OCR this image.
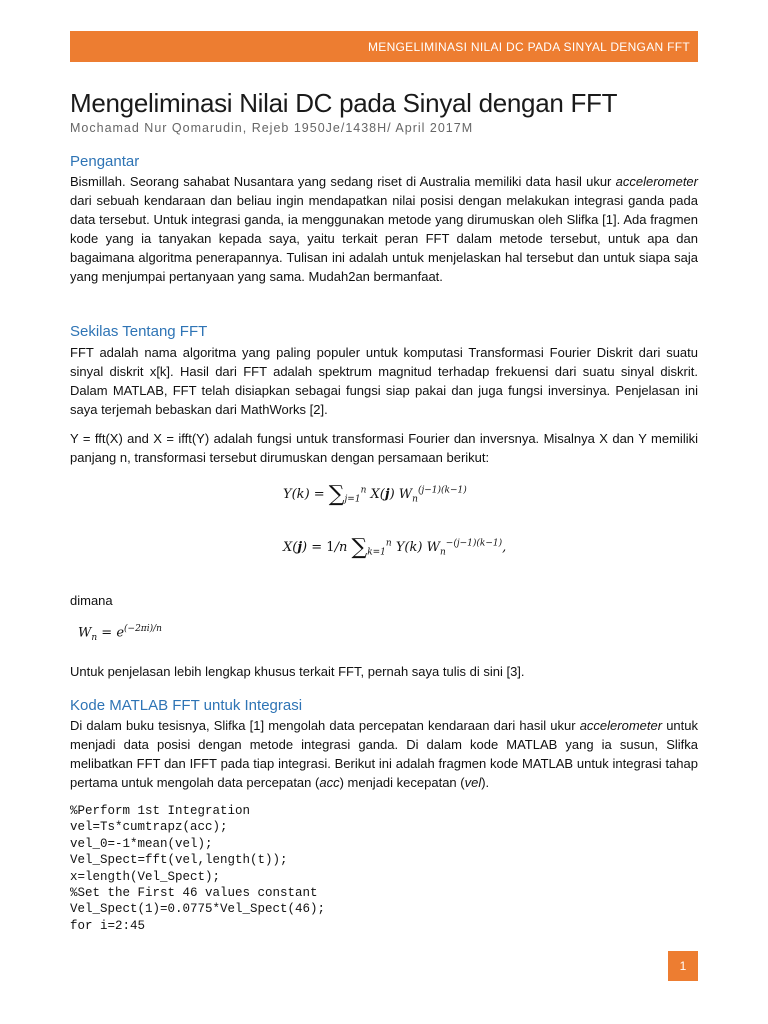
MENGELIMINASI NILAI DC PADA SINYAL DENGAN FFT
Mengeliminasi Nilai DC pada Sinyal dengan FFT
Mochamad Nur Qomarudin, Rejeb 1950Je/1438H/ April 2017M
Pengantar

Bismillah. Seorang sahabat Nusantara yang sedang riset di Australia memiliki data hasil ukur accelerometer dari sebuah kendaraan dan beliau ingin mendapatkan nilai posisi dengan melakukan integrasi ganda pada data tersebut. Untuk integrasi ganda, ia menggunakan metode yang dirumuskan oleh Slifka [1]. Ada fragmen kode yang ia tanyakan kepada saya, yaitu terkait peran FFT dalam metode tersebut, untuk apa dan bagaimana algoritma penerapannya. Tulisan ini adalah untuk menjelaskan hal tersebut dan untuk siapa saja yang menjumpai pertanyaan yang sama. Mudah2an bermanfaat.

Sekilas Tentang FFT

FFT adalah nama algoritma yang paling populer untuk komputasi Transformasi Fourier Diskrit dari suatu sinyal diskrit x[k]. Hasil dari FFT adalah spektrum magnitud terhadap frekuensi dari suatu sinyal diskrit. Dalam MATLAB, FFT telah disiapkan sebagai fungsi siap pakai dan juga fungsi inversinya. Penjelasan ini saya terjemah bebaskan dari MathWorks [2].

Y = fft(X) and X = ifft(Y) adalah fungsi untuk transformasi Fourier dan inversnya. Misalnya X dan Y memiliki panjang n, transformasi tersebut dirumuskan dengan persamaan berikut:

$Y(k) = \sum_{j=1}^n$ X(j) $W_n^{(j-1)(k-1)}$
X(j) = 1/n $\sum_{k=1}^n$ Y(k) $W_n^{-(j-1)(k-1)}$,

dimana

$W_n = e^{(-2\pi i)/n}$

Untuk penjelasan lebih lengkap khusus terkait FFT, pernah saya tulis di sini [3].

Kode MATLAB FFT untuk Integrasi

Di dalam buku tesisnya, Slifka [1] mengolah data percepatan kendaraan dari hasil ukur accelerometer untuk menjadi data posisi dengan metode integrasi ganda. Di dalam kode MATLAB yang ia susun, Slifka melibatkan FFT dan IFFT pada tiap integrasi. Berikut ini adalah fragmen kode MATLAB untuk integrasi tahap pertama untuk mengolah data percepatan (acc) menjadi kecepatan (vel).

%Perform 1st Integration
vel=Ts*cumtrapz(acc);
vel_0=-1*mean(vel);
Vel_Spect=fft(vel,length(t));
x=length(Vel_Spect);
%Set the First 46 values constant
Vel_Spect(1)=0.0775*Vel_Spect(46);
for i=2:45
1
